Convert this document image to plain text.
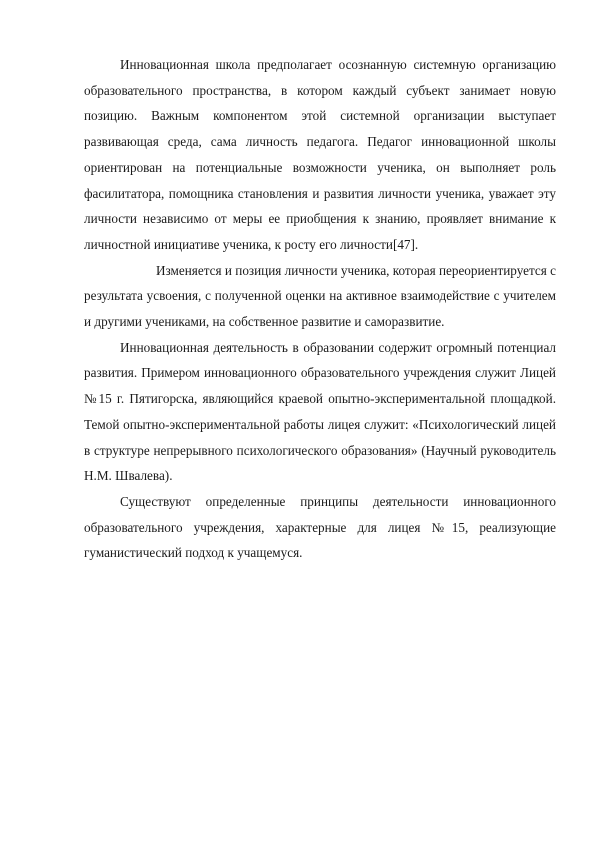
Инновационная школа предполагает осознанную системную организацию образовательного пространства, в котором каждый субъект занимает новую позицию. Важным компонентом этой системной организации выступает развивающая среда, сама личность педагога. Педагог инновационной школы ориентирован на потенциальные возможности ученика, он выполняет роль фасилитатора, помощника становления и развития личности ученика, уважает эту личности независимо от меры ее приобщения к знанию, проявляет внимание к личностной инициативе ученика, к росту его личности[47].

Изменяется и позиция личности ученика, которая переориентируется с результата усвоения, с полученной оценки на активное взаимодействие с учителем и другими учениками, на собственное развитие и саморазвитие.

Инновационная деятельность в образовании содержит огромный потенциал развития. Примером инновационного образовательного учреждения служит Лицей №15 г. Пятигорска, являющийся краевой опытно-экспериментальной площадкой. Темой опытно-экспериментальной работы лицея служит: «Психологический лицей в структуре непрерывного психологического образования» (Научный руководитель Н.М. Швалева).

Существуют определенные принципы деятельности инновационного образовательного учреждения, характерные для лицея №15, реализующие гуманистический подход к учащемуся.
